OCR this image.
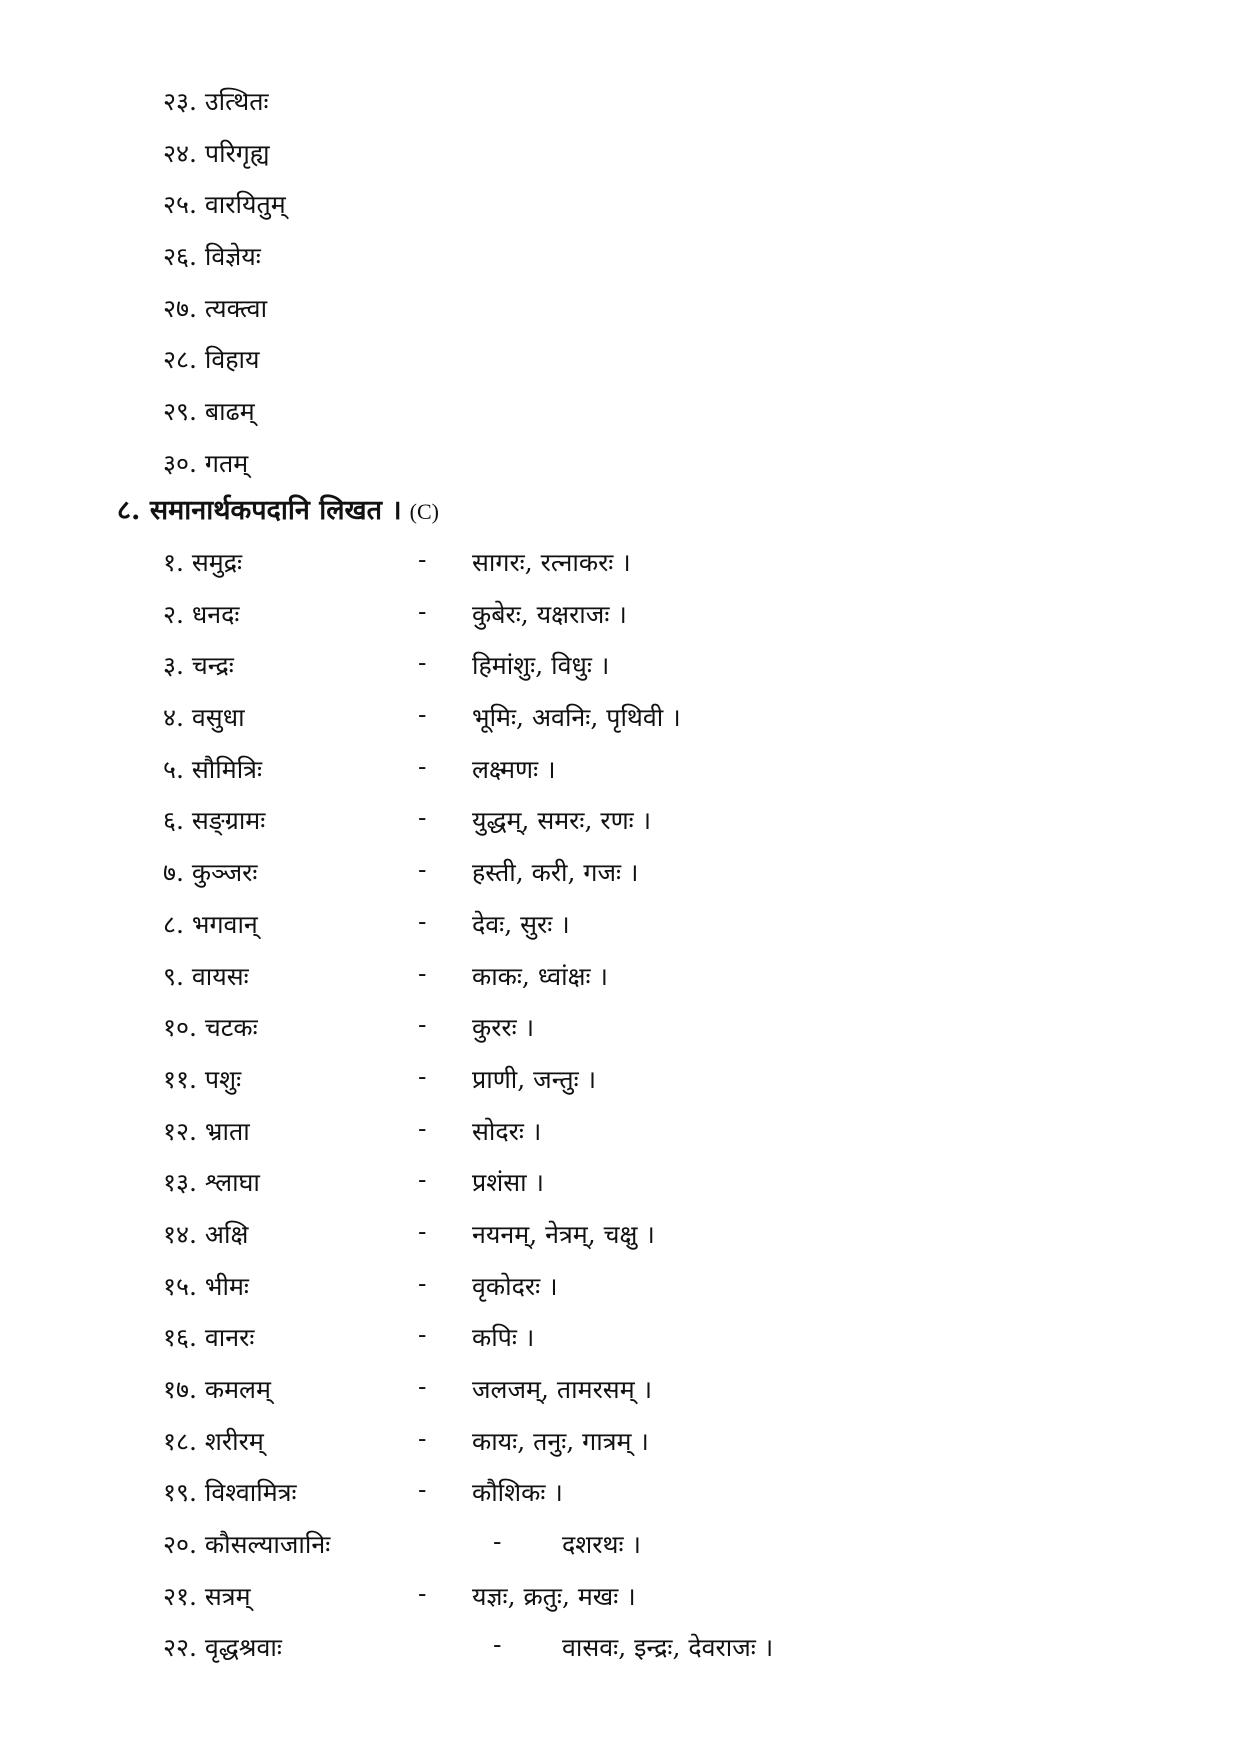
२३. उत्थितः
२४. परिगृह्य
२५. वारयितुम्
२६. विज्ञेयः
२७. त्यक्त्वा
२८. विहाय
२९. बाढम्
३०. गतम्
८. समानार्थकपदानि लिखत । (C)
१. समुद्रः	- सागरः, रत्नाकरः ।
२. धनदः	- कुबेरः, यक्षराजः ।
३. चन्द्रः	- हिमांशुः, विधुः ।
४. वसुधा	- भूमिः, अवनिः, पृथिवी ।
५. सौमित्रिः	- लक्ष्मणः ।
६. सङ्ग्रामः	- युद्धम्, समरः, रणः ।
७. कुञ्जरः	- हस्ती, करी, गजः ।
८. भगवान्	- देवः, सुरः ।
९. वायसः	- काकः, ध्वांक्षः ।
१०. चटकः	- कुररः ।
११. पशुः	- प्राणी, जन्तुः ।
१२. भ्राता	- सोदरः ।
१३. श्लाघा	- प्रशंसा ।
१४. अक्षि	- नयनम्, नेत्रम्, चक्षु ।
१५. भीमः	- वृकोदरः ।
१६. वानरः	- कपिः ।
१७. कमलम्	- जलजम्, तामरसम् ।
१८. शरीरम्	- कायः, तनुः, गात्रम् ।
१९. विश्वामित्रः	- कौशिकः ।
२०. कौसल्याजानिः	- दशरथः ।
२१. सत्रम्	- यज्ञः, क्रतुः, मखः ।
२२. वृद्धश्रवाः	- वासवः, इन्द्रः, देवराजः ।
